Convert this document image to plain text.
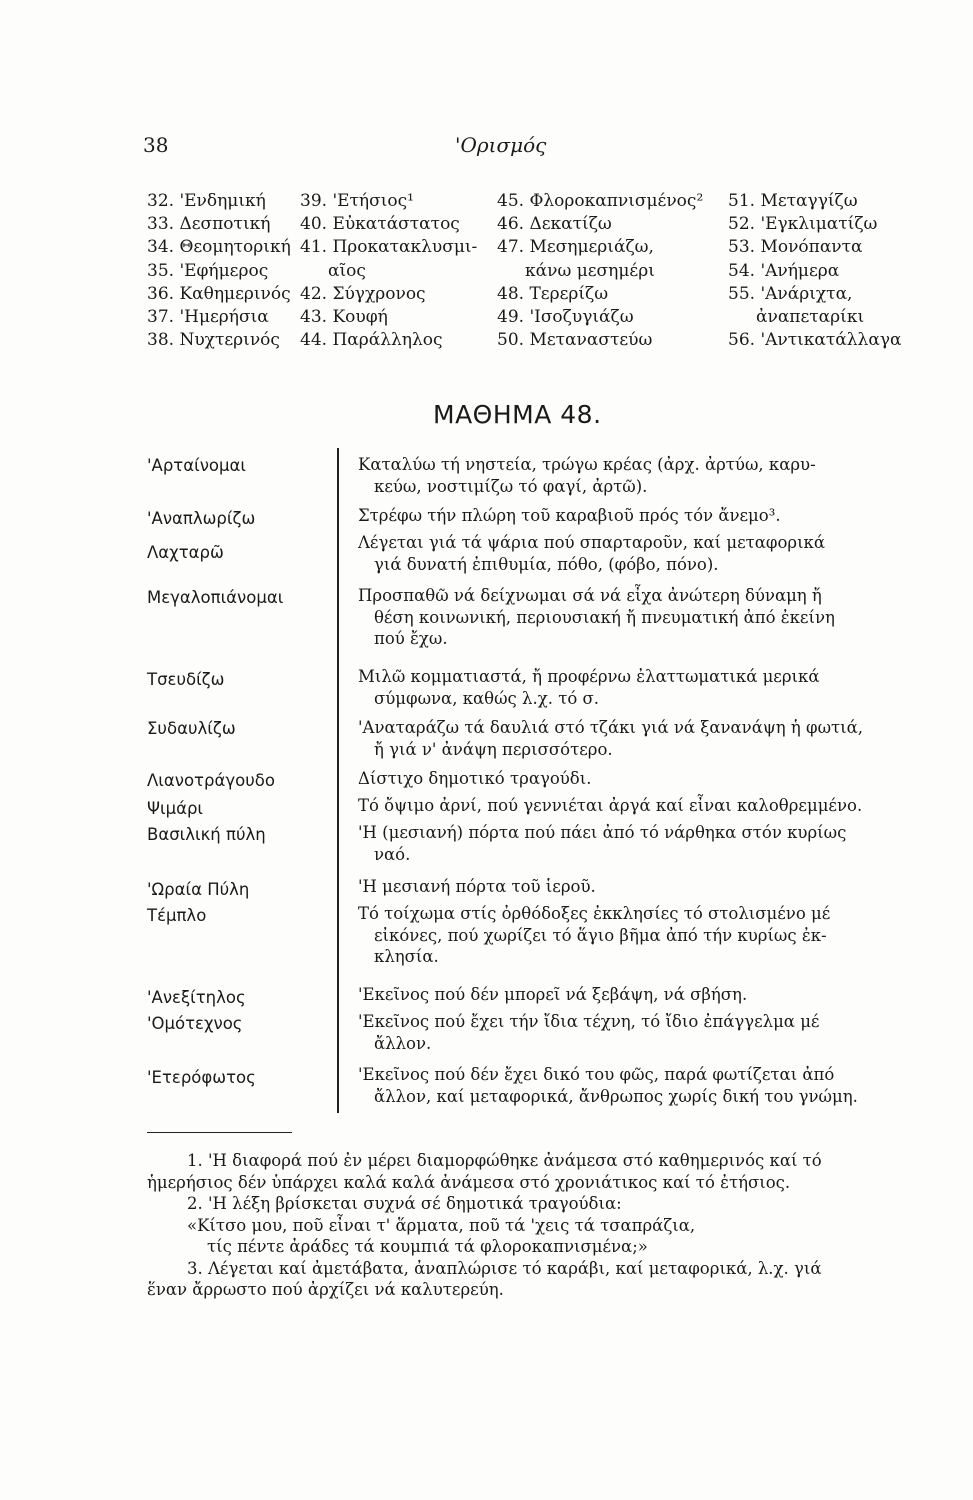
38	'Ορισμός
32. 'Ενδημική
33. Δεσποτική
34. Θεομητορική
35. 'Εφήμερος
36. Καθημερινός
37. 'Ημερήσια
38. Νυχτερινός
39. 'Ετήσιος¹
40. Εὐκατάστατος
41. Προκατακλυσμι-
αῖος
42. Σύγχρονος
43. Κουφή
44. Παράλληλος
45. Φλοροκαπνισμένος²
46. Δεκατίζω
47. Μεσημεριάζω,
κάνω μεσημέρι
48. Τερερίζω
49. 'Ισοζυγιάζω
50. Μεταναστεύω
51. Μεταγγίζω
52. 'Εγκλιματίζω
53. Μονόπαντα
54. 'Ανήμερα
55. 'Ανάριχτα,
ἀναπεταρίκι
56. 'Αντικατάλλαγα
ΜΑΘΗΜΑ 48.
'Αρταίνομαι
'Αναπλωρίζω
Λαχταρῶ
Μεγαλοπιάνομαι
Τσευδίζω
Συδαυλίζω
Λιανοτράγουδο
Ψιμάρι
Βασιλική πύλη
'Ωραία Πύλη
Τέμπλο
'Ανεξίτηλος
'Ομότεχνος
'Ετερόφωτος
Καταλύω τή νηστεία, τρώγω κρέας (ἀρχ. ἀρτύω, καρυ-
κεύω, νοστιμίζω τό φαγί, ἀρτῶ).
Στρέφω τήν πλώρη τοῦ καραβιοῦ πρός τόν ἄνεμο³.
Λέγεται γιά τά ψάρια πού σπαρταροῦν, καί μεταφορικά
γιά δυνατή ἐπιθυμία, πόθο, (φόβο, πόνο).
Προσπαθῶ νά δείχνωμαι σά νά εἶχα ἀνώτερη δύναμη ἤ
θέση κοινωνική, περιουσιακή ἤ πνευματική ἀπό ἐκείνη
πού ἔχω.
Μιλῶ κομματιαστά, ἤ προφέρνω ἐλαττωματικά μερικά
σύμφωνα, καθώς λ.χ. τό σ.
'Αναταράζω τά δαυλιά στό τζάκι γιά νά ξανανάψη ἡ φωτιά,
ἤ γιά ν' ἀνάψη περισσότερο.
Δίστιχο δημοτικό τραγούδι.
Τό ὄψιμο ἀρνί, πού γεννιέται ἀργά καί εἶναι καλοθρεμμένο.
'Η (μεσιανή) πόρτα πού πάει ἀπό τό νάρθηκα στόν κυρίως
ναό.
'Η μεσιανή πόρτα τοῦ ἱεροῦ.
Τό τοίχωμα στίς ὀρθόδοξες ἐκκλησίες τό στολισμένο μέ
εἰκόνες, πού χωρίζει τό ἅγιο βῆμα ἀπό τήν κυρίως ἐκ-
κλησία.
'Εκεῖνος πού δέν μπορεῖ νά ξεβάψη, νά σβήση.
'Εκεῖνος πού ἔχει τήν ἴδια τέχνη, τό ἴδιο ἐπάγγελμα μέ
ἄλλον.
'Εκεῖνος πού δέν ἔχει δικό του φῶς, παρά φωτίζεται ἀπό
ἄλλον, καί μεταφορικά, ἄνθρωπος χωρίς δική του γνώμη.
1. 'Η διαφορά πού ἐν μέρει διαμορφώθηκε ἀνάμεσα στό καθημερινός καί τό
ἡμερήσιος δέν ὑπάρχει καλά καλά ἀνάμεσα στό χρονιάτικος καί τό ἐτήσιος.
2. 'Η λέξη βρίσκεται συχνά σέ δημοτικά τραγούδια:
«Κίτσο μου, ποῦ εἶναι τ' ἅρματα, ποῦ τά 'χεις τά τσαπράζια,
τίς πέντε ἀράδες τά κουμπιά τά φλοροκαπνισμένα;»
3. Λέγεται καί ἀμετάβατα, ἀναπλώρισε τό καράβι, καί μεταφορικά, λ.χ. γιά
ἕναν ἄρρωστο πού ἀρχίζει νά καλυτερεύη.
